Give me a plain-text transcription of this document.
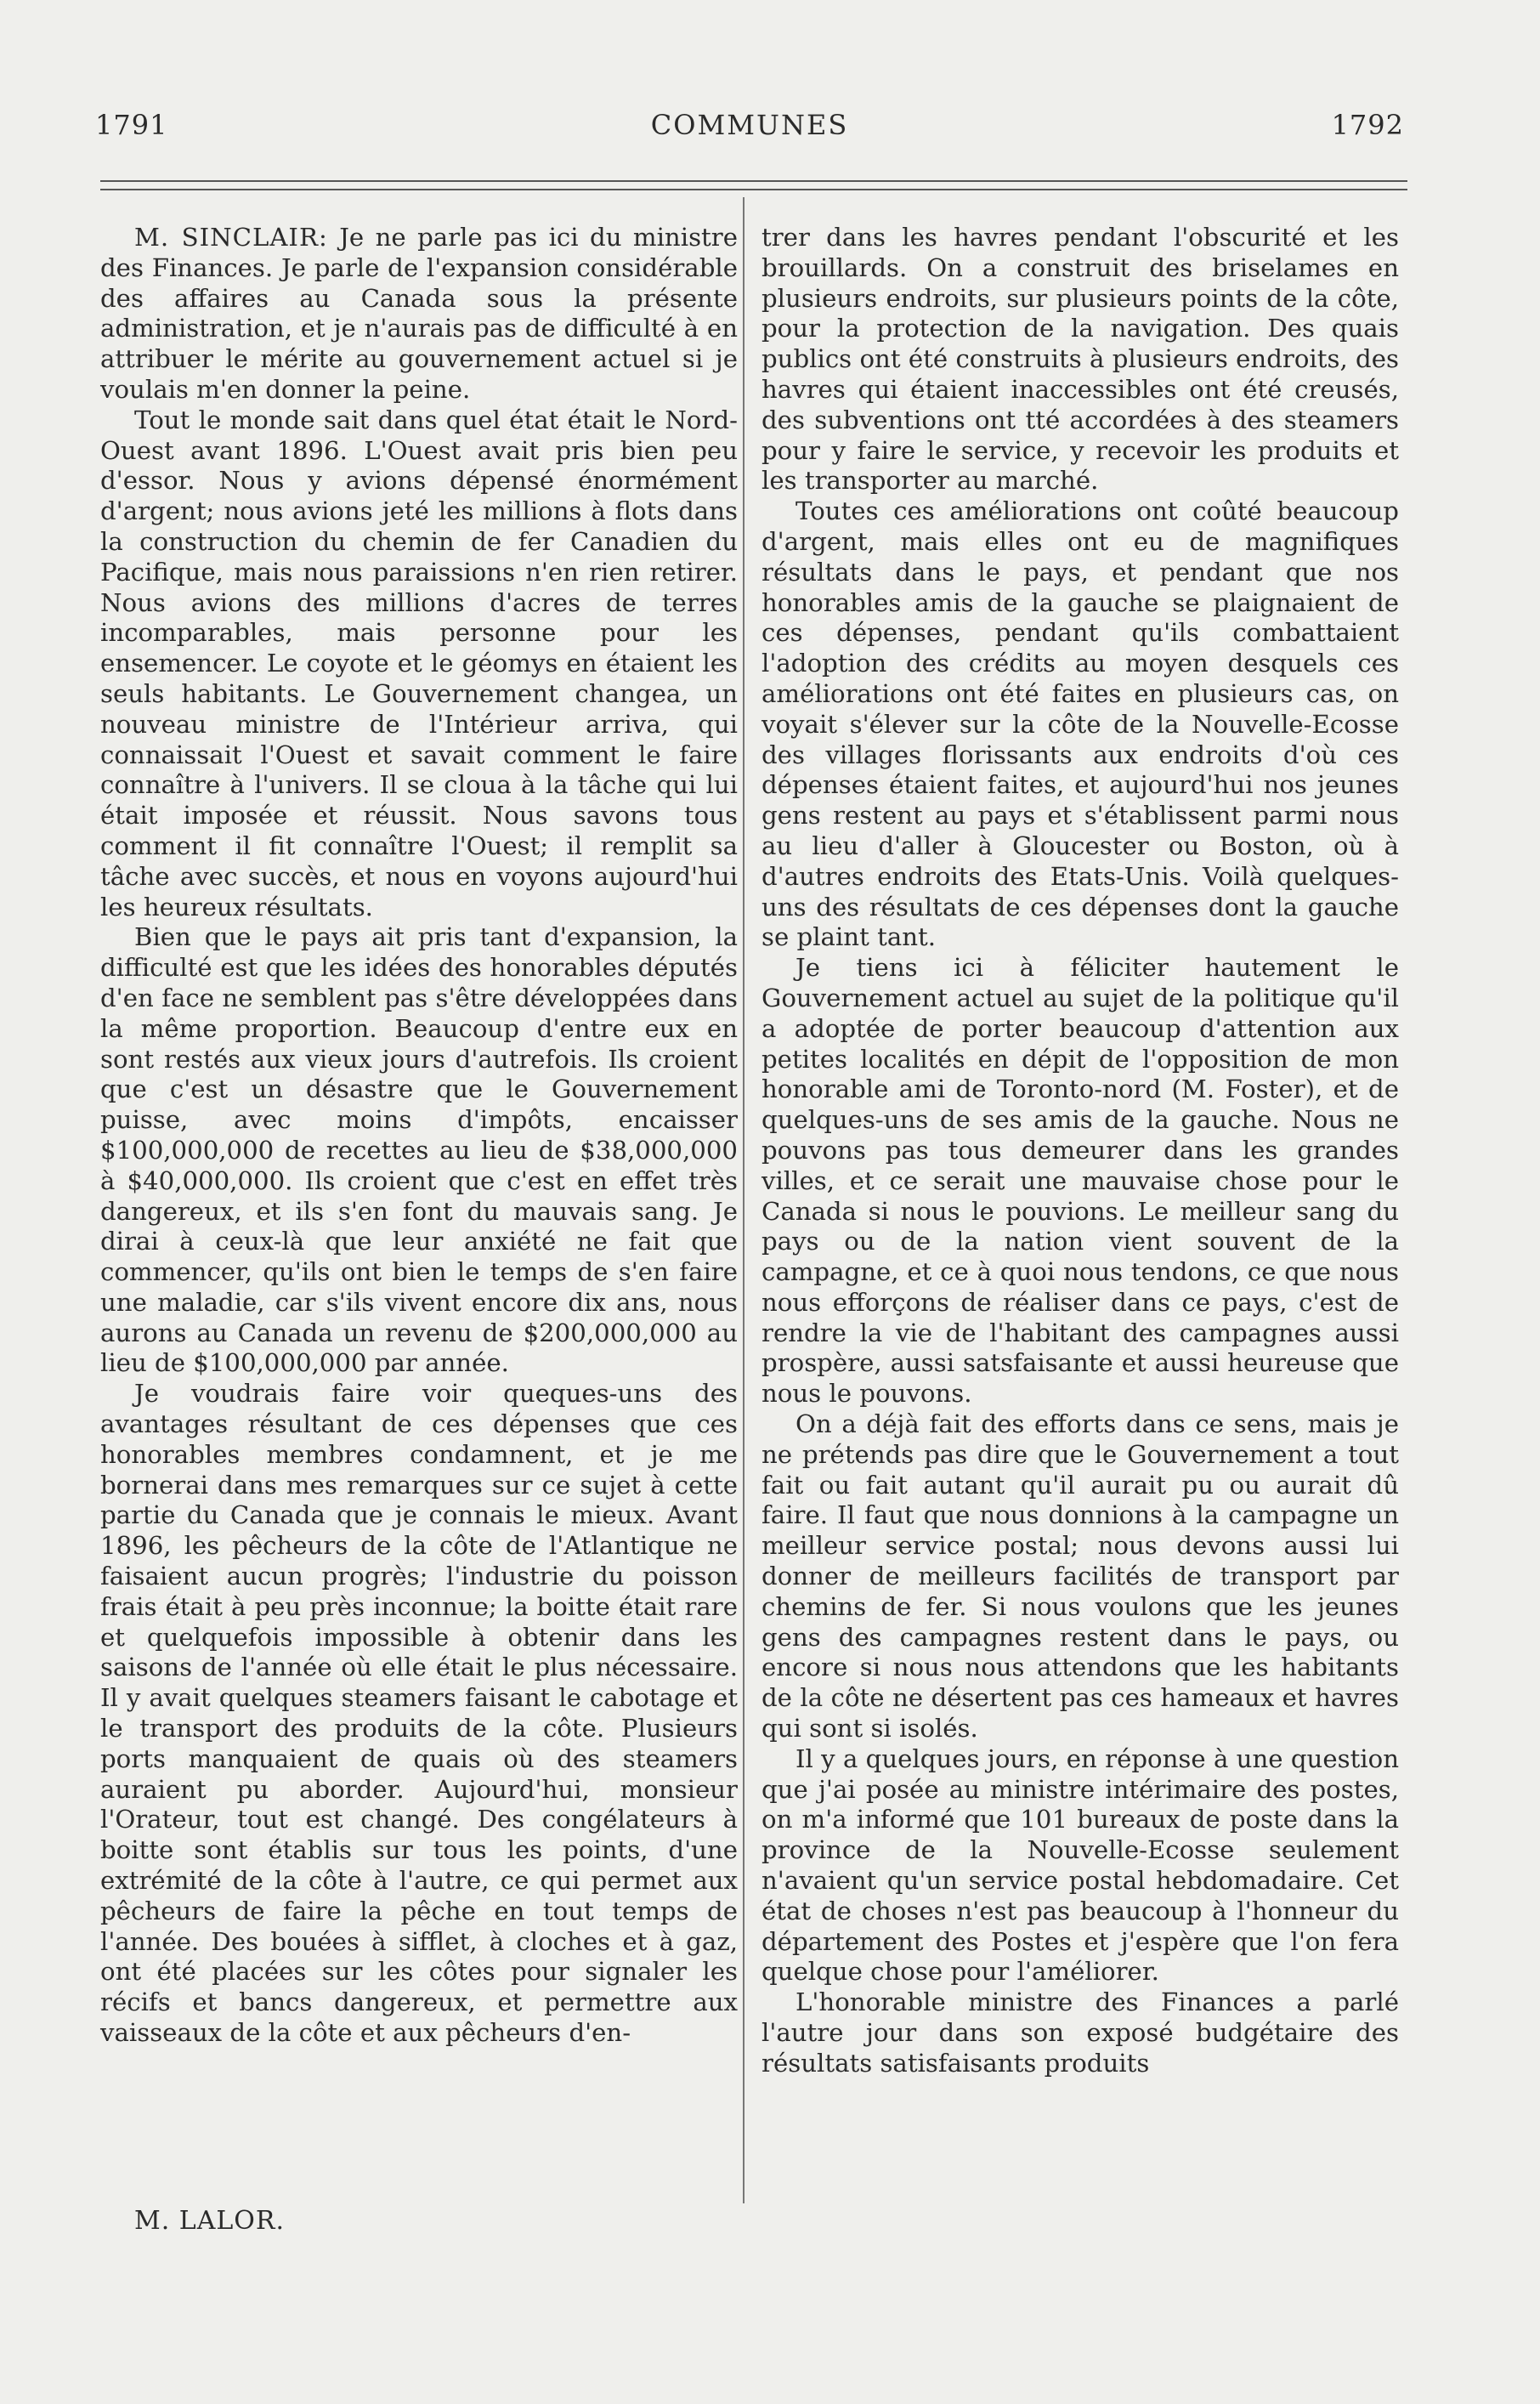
1791	COMMUNES	1792

M. SINCLAIR: Je ne parle pas ici du ministre des Finances. Je parle de l'expansion considérable des affaires au Canada sous la présente administration, et je n'aurais pas de difficulté à en attribuer le mérite au gouvernement actuel si je voulais m'en donner la peine.

Tout le monde sait dans quel état était le Nord-Ouest avant 1896. L'Ouest avait pris bien peu d'essor. Nous y avions dépensé énormément d'argent; nous avions jeté les millions à flots dans la construction du chemin de fer Canadien du Pacifique, mais nous paraissions n'en rien retirer. Nous avions des millions d'acres de terres incomparables, mais personne pour les ensemencer. Le coyote et le géomys en étaient les seuls habitants. Le Gouvernement changea, un nouveau ministre de l'Intérieur arriva, qui connaissait l'Ouest et savait comment le faire connaître à l'univers. Il se cloua à la tâche qui lui était imposée et réussit. Nous savons tous comment il fit connaître l'Ouest; il remplit sa tâche avec succès, et nous en voyons aujourd'hui les heureux résultats.

Bien que le pays ait pris tant d'expansion, la difficulté est que les idées des honorables députés d'en face ne semblent pas s'être développées dans la même proportion. Beaucoup d'entre eux en sont restés aux vieux jours d'autrefois. Ils croient que c'est un désastre que le Gouvernement puisse, avec moins d'impôts, encaisser $100,000,000 de recettes au lieu de $38,000,000 à $40,000,000. Ils croient que c'est en effet très dangereux, et ils s'en font du mauvais sang. Je dirai à ceux-là que leur anxiété ne fait que commencer, qu'ils ont bien le temps de s'en faire une maladie, car s'ils vivent encore dix ans, nous aurons au Canada un revenu de $200,000,000 au lieu de $100,000,000 par année.

Je voudrais faire voir queques-uns des avantages résultant de ces dépenses que ces honorables membres condamnent, et je me bornerai dans mes remarques sur ce sujet à cette partie du Canada que je connais le mieux. Avant 1896, les pêcheurs de la côte de l'Atlantique ne faisaient aucun progrès; l'industrie du poisson frais était à peu près inconnue; la boitte était rare et quelquefois impossible à obtenir dans les saisons de l'année où elle était le plus nécessaire. Il y avait quelques steamers faisant le cabotage et le transport des produits de la côte. Plusieurs ports manquaient de quais où des steamers auraient pu aborder. Aujourd'hui, monsieur l'Orateur, tout est changé. Des congélateurs à boitte sont établis sur tous les points, d'une extrémité de la côte à l'autre, ce qui permet aux pêcheurs de faire la pêche en tout temps de l'année. Des bouées à sifflet, à cloches et à gaz, ont été placées sur les côtes pour signaler les récifs et bancs dangereux, et permettre aux vaisseaux de la côte et aux pêcheurs d'en-

trer dans les havres pendant l'obscurité et les brouillards. On a construit des briselames en plusieurs endroits, sur plusieurs points de la côte, pour la protection de la navigation. Des quais publics ont été construits à plusieurs endroits, des havres qui étaient inaccessibles ont été creusés, des subventions ont tté accordées à des steamers pour y faire le service, y recevoir les produits et les transporter au marché.

Toutes ces améliorations ont coûté beaucoup d'argent, mais elles ont eu de magnifiques résultats dans le pays, et pendant que nos honorables amis de la gauche se plaignaient de ces dépenses, pendant qu'ils combattaient l'adoption des crédits au moyen desquels ces améliorations ont été faites en plusieurs cas, on voyait s'élever sur la côte de la Nouvelle-Ecosse des villages florissants aux endroits d'où ces dépenses étaient faites, et aujourd'hui nos jeunes gens restent au pays et s'établissent parmi nous au lieu d'aller à Gloucester ou Boston, où à d'autres endroits des Etats-Unis. Voilà quelques-uns des résultats de ces dépenses dont la gauche se plaint tant.

Je tiens ici à féliciter hautement le Gouvernement actuel au sujet de la politique qu'il a adoptée de porter beaucoup d'attention aux petites localités en dépit de l'opposition de mon honorable ami de Toronto-nord (M. Foster), et de quelques-uns de ses amis de la gauche. Nous ne pouvons pas tous demeurer dans les grandes villes, et ce serait une mauvaise chose pour le Canada si nous le pouvions. Le meilleur sang du pays ou de la nation vient souvent de la campagne, et ce à quoi nous tendons, ce que nous nous efforçons de réaliser dans ce pays, c'est de rendre la vie de l'habitant des campagnes aussi prospère, aussi satsfaisante et aussi heureuse que nous le pouvons.

On a déjà fait des efforts dans ce sens, mais je ne prétends pas dire que le Gouvernement a tout fait ou fait autant qu'il aurait pu ou aurait dû faire. Il faut que nous donnions à la campagne un meilleur service postal; nous devons aussi lui donner de meilleurs facilités de transport par chemins de fer. Si nous voulons que les jeunes gens des campagnes restent dans le pays, ou encore si nous nous attendons que les habitants de la côte ne désertent pas ces hameaux et havres qui sont si isolés.

Il y a quelques jours, en réponse à une question que j'ai posée au ministre intérimaire des postes, on m'a informé que 101 bureaux de poste dans la province de la Nouvelle-Ecosse seulement n'avaient qu'un service postal hebdomadaire. Cet état de choses n'est pas beaucoup à l'honneur du département des Postes et j'espère que l'on fera quelque chose pour l'améliorer.

L'honorable ministre des Finances a parlé l'autre jour dans son exposé budgétaire des résultats satisfaisants produits

M. LALOR.
